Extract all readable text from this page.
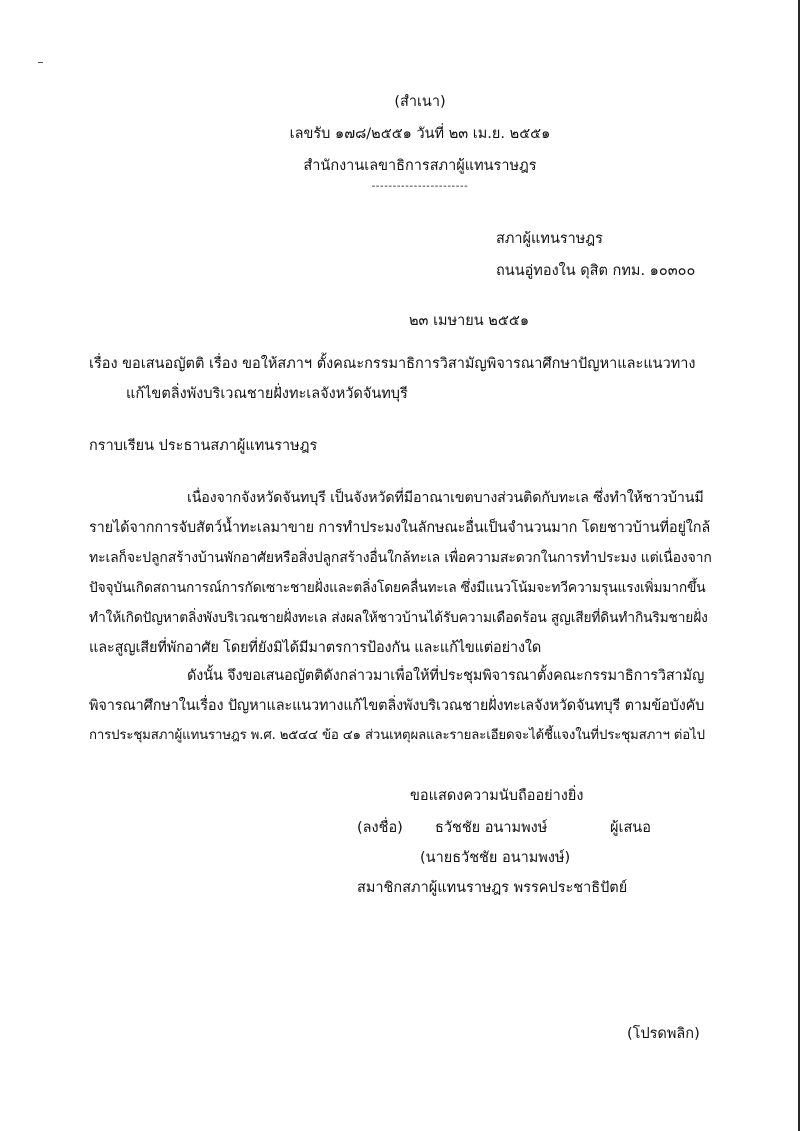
(สำเนา)
เลขรับ ๑๗๘/๒๕๕๑ วันที่ ๒๓ เม.ย. ๒๕๕๑
สำนักงานเลขาธิการสภาผู้แทนราษฎร
-----------------------
สภาผู้แทนราษฎร
ถนนอู่ทองใน ดุสิต กทม. ๑๐๓๐๐
๒๓ เมษายน ๒๕๕๑
เรื่อง ขอเสนอญัตติ เรื่อง ขอให้สภาฯ ตั้งคณะกรรมาธิการวิสามัญพิจารณาศึกษาปัญหาและแนวทาง
แก้ไขตลิ่งพังบริเวณชายฝั่งทะเลจังหวัดจันทบุรี
กราบเรียน ประธานสภาผู้แทนราษฎร
เนื่องจากจังหวัดจันทบุรี เป็นจังหวัดที่มีอาณาเขตบางส่วนติดกับทะเล ซึ่งทำให้ชาวบ้านมี
รายได้จากการจับสัตว์น้ำทะเลมาขาย การทำประมงในลักษณะอื่นเป็นจำนวนมาก โดยชาวบ้านที่อยู่ใกล้
ทะเลก็จะปลูกสร้างบ้านพักอาศัยหรือสิ่งปลูกสร้างอื่นใกล้ทะเล เพื่อความสะดวกในการทำประมง แต่เนื่องจาก
ปัจจุบันเกิดสถานการณ์การกัดเซาะชายฝั่งและตลิ่งโดยคลื่นทะเล ซึ่งมีแนวโน้มจะทวีความรุนแรงเพิ่มมากขึ้น
ทำให้เกิดปัญหาตลิ่งพังบริเวณชายฝั่งทะเล ส่งผลให้ชาวบ้านได้รับความเดือดร้อน สูญเสียที่ดินทำกินริมชายฝั่ง
และสูญเสียที่พักอาศัย โดยที่ยังมิได้มีมาตรการป้องกัน และแก้ไขแต่อย่างใด
ดังนั้น จึงขอเสนอญัตติดังกล่าวมาเพื่อให้ที่ประชุมพิจารณาตั้งคณะกรรมาธิการวิสามัญ
พิจารณาศึกษาในเรื่อง ปัญหาและแนวทางแก้ไขตลิ่งพังบริเวณชายฝั่งทะเลจังหวัดจันทบุรี ตามข้อบังคับ
การประชุมสภาผู้แทนราษฎร พ.ศ. ๒๕๔๔ ข้อ ๔๑ ส่วนเหตุผลและรายละเอียดจะได้ชี้แจงในที่ประชุมสภาฯ ต่อไป
ขอแสดงความนับถืออย่างยิ่ง
(ลงชื่อ) ธวัชชัย อนามพงษ์	ผู้เสนอ
(นายธวัชชัย อนามพงษ์)
สมาชิกสภาผู้แทนราษฎร พรรคประชาธิปัตย์
(โปรดพลิก)
